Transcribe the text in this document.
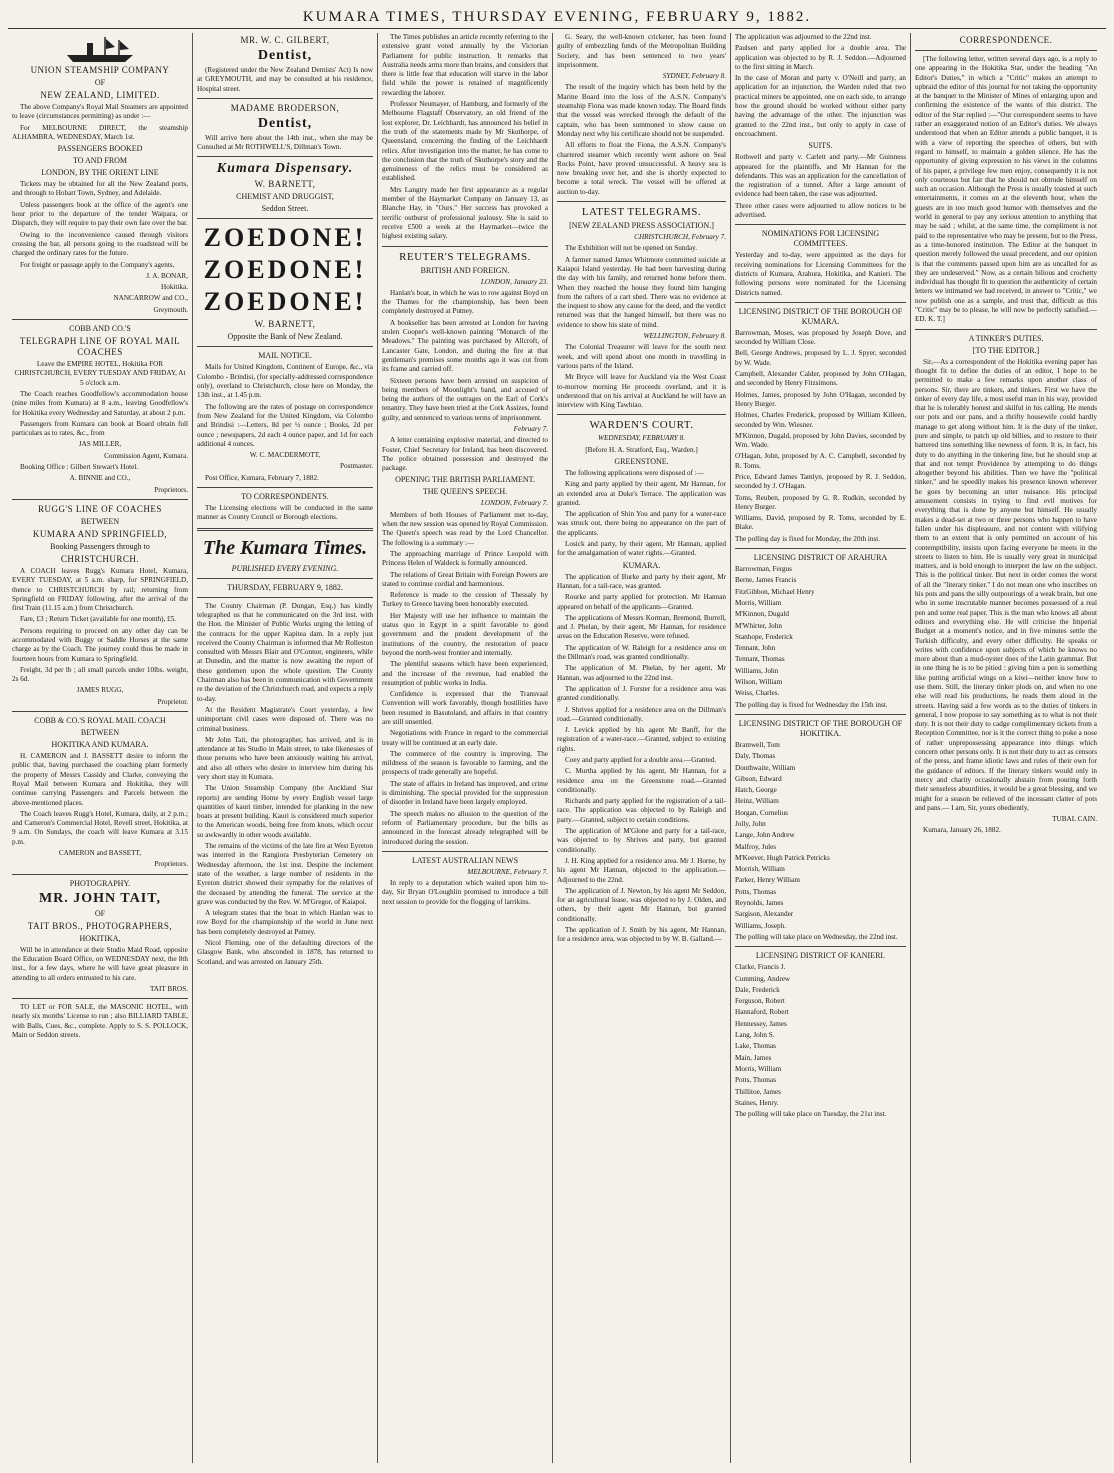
KUMARA TIMES, THURSDAY EVENING, FEBRUARY 9, 1882.
UNION STEAMSHIP COMPANY
OF
NEW ZEALAND, LIMITED.

The above Company's Royal Mail Steamers are appointed to leave (circumstances permitting) as under :—

For MELBOURNE DIRECT, the steamship ALHAMBRA, WEDNESDAY, March 1st.

PASSENGERS BOOKED
TO AND FROM
LONDON, BY THE ORIENT LINE

Tickets may be obtained for all the New Zealand ports, and through to Hobart Town, Sydney, and Adelaide.

Unless passengers book at the office of the agent's one hour prior to the departure of the tender Waipara, or Dispatch, they will require to pay their own fare over the bar.

Owing to the inconvenience caused through visitors crossing the bar, all persons going to the roadstead will be charged the ordinary rates for the future.

For freight or passage apply to the Company's agents,

J. A. BONAR,

Hokitika.

NANCARROW and CO.,

Greymouth.

COBB AND CO.'S
TELEGRAPH LINE OF ROYAL MAIL COACHES

Leave the EMPIRE HOTEL, Hokitika FOR CHRISTCHURCH, EVERY TUESDAY AND FRIDAY, At 5 o'clock a.m.

The Coach reaches Goodfellow's accommodation house (nine miles from Kumara) at 8 a.m., leaving Goodfellow's for Hokitika every Wednesday and Saturday, at about 2 p.m.

Passengers from Kumara can book at Board obtain full particulars as to rates, &c., from

JAS MILLER,

Commission Agent, Kumara.

Booking Office : Gilbert Stewart's Hotel.

A. BINNIE and CO.,

Proprietors.

RUGG'S LINE OF COACHES
BETWEEN
KUMARA AND SPRINGFIELD,
Booking Passengers through to
CHRISTCHURCH.

A COACH leaves Rugg's Kumara Hotel, Kumara, EVERY TUESDAY, at 5 a.m. sharp, for SPRINGFIELD, thence to CHRISTCHURCH by rail; returning from Springfield on FRIDAY following, after the arrival of the first Train (11.15 a.m.) from Christchurch.

Fare, £3 ; Return Ticket (available for one month), £5.

Persons requiring to proceed on any other day can be accommodated with Buggy or Saddle Horses at the same charge as by the Coach. The journey could thus be made in fourteen hours from Kumara to Springfield.

Freight, 3d per lb ; all small parcels under 10lbs. weight, 2s 6d.

JAMES RUGG,

Proprietor.

COBB & CO.'S ROYAL MAIL COACH
BETWEEN
HOKITIKA AND KUMARA.

H. CAMERON and J. BASSETT desire to inform the public that, having purchased the coaching plant formerly the property of Messrs Cassidy and Clarke, conveying the Royal Mail between Kumara and Hokitika, they will continue carrying Passengers and Parcels between the above-mentioned places.

The Coach leaves Rugg's Hotel, Kumara, daily, at 2 p.m.; and Cameron's Commercial Hotel, Revell street, Hokitika, at 9 a.m. On Sundays, the coach will leave Kumara at 3.15 p.m.

CAMERON and BASSETT,

Proprietors.

PHOTOGRAPHY.
MR. JOHN TAIT,
OF
TAIT BROS., PHOTOGRAPHERS,
HOKITIKA,

Will be in attendance at their Studio Maid Road, opposite the Education Board Office, on WEDNESDAY next, the 8th inst., for a few days, where he will have great pleasure in attending to all orders entrusted to his care.

TAIT BROS.

TO LET or FOR SALE, the MASONIC HOTEL, with nearly six months' License to run ; also BILLIARD TABLE, with Balls, Cues, &c., complete. Apply to S. S. POLLOCK, Main or Seddon streets.

MR. W. C. GILBERT,
Dentist,

(Registered under the New Zealand Dentists' Act) Is now at GREYMOUTH, and may be consulted at his residence, Hospital street.

MADAME BRODERSON,
Dentist,

Will arrive here about the 14th inst., when she may be Consulted at Mr ROTHWELL'S, Dillman's Town.

Kumara Dispensary.
W. BARNETT,
CHEMIST AND DRUGGIST,
Seddon Street.
ZOEDONE!
ZOEDONE!
ZOEDONE!
W. BARNETT,
Opposite the Bank of New Zealand.
MAIL NOTICE.

Mails for United Kingdom, Continent of Europe, &c., via Colombo - Brindisi, (for specially-addressed correspondence only), overland to Christchurch, close here on Monday, the 13th inst., at 1.45 p.m.

The following are the rates of postage on correspondence from New Zealand for the United Kingdom, via Colombo and Brindisi :—Letters, 8d per ½ ounce ; Books, 2d per ounce ; newspapers, 2d each 4 ounce paper, and 1d for each additional 4 ounces.

W. C. MACDERMOTT,

Postmaster.

Post Office, Kumara, February 7, 1882.

TO CORRESPONDENTS.

The Licensing elections will be conducted in the same manner as County Council or Borough elections.

The Kumara Times.
PUBLISHED EVERY EVENING.
THURSDAY, FEBRUARY 9, 1882.

The County Chairman (P. Dungan, Esq.) has kindly telegraphed us that he communicated on the 3rd inst. with the Hon. the Minister of Public Works urging the letting of the contracts for the upper Kapitea dam. In a reply just received the County Chairman is informed that Mr Rolleston consulted with Messrs Blair and O'Connor, engineers, while at Dunedin, and the matter is now awaiting the report of these gentlemen upon the whole question. The County Chairman also has been in communication with Government re the deviation of the Christchurch road, and expects a reply to-day.

At the Resident Magistrate's Court yesterday, a few unimportant civil cases were disposed of. There was no criminal business.

Mr John Tait, the photographer, has arrived, and is in attendance at his Studio in Main street, to take likenesses of those persons who have been anxiously waiting his arrival, and also all others who desire to interview him during his very short stay in Kumara.

The Union Steamship Company (the Auckland Star reports) are sending Home by every English vessel large quantities of kauri timber, intended for planking in the new boats at present building. Kauri is considered much superior to the American woods, being free from knots, which occur so awkwardly in other woods available.

The remains of the victims of the late fire at West Eyreton was interred in the Rangiora Presbyterian Cemetery on Wednesday afternoon, the 1st inst. Despite the inclement state of the weather, a large number of residents in the Eyreton district showed their sympathy for the relatives of the deceased by attending the funeral. The service at the grave was conducted by the Rev. W. M'Gregor, of Kaiapoi.

A telegram states that the boat in which Hanlan was to row Boyd for the championship of the world in June next has been completely destroyed at Putney.

Nicol Fleming, one of the defaulting directors of the Glasgow Bank, who absconded in 1878, has returned to Scotland, and was arrested on January 25th.

The Times publishes an article recently referring to the extensive grant voted annually by the Victorian Parliament for public instruction. It remarks that Australia needs arms more than brains, and considers that there is little fear that education will starve in the labor field while the power is retained of magnificently rewarding the laborer.

Professor Neumayer, of Hamburg, and formerly of the Melbourne Flagstaff Observatory, an old friend of the lost explorer, Dr. Leichhardt, has announced his belief in the truth of the statements made by Mr Skuthorpe, of Queensland, concerning the finding of the Leichhardt relics. After investigation into the matter, he has come to the conclusion that the truth of Skuthorpe's story and the genuineness of the relics must be considered as established.

Mrs Langtry made her first appearance as a regular member of the Haymarket Company on January 13, as Blanche Hay, in "Ours." Her success has provoked a terrific outburst of professional jealousy. She is said to receive £500 a week at the Haymarket—twice the highest existing salary.

REUTER'S TELEGRAMS.
BRITISH AND FOREIGN.

LONDON, January 23.

Hanlan's boat, in which he was to row against Boyd on the Thames for the championship, has been been completely destroyed at Putney.

A bookseller has been arrested at London for having stolen Cooper's well-known painting "Monarch of the Meadows." The painting was purchased by Allcroft, of Lancaster Gate, London, and during the fire at that gentleman's premises some months ago it was cut from its frame and carried off.

Sixteen persons have been arrested on suspicion of being members of Moonlight's band, and accused of being the authors of the outrages on the Earl of Cork's tenantry. They have been tried at the Cork Assizes, found guilty, and sentenced to various terms of imprisonment.

February 7.

A letter containing explosive material, and directed to Foster, Chief Secretary for Ireland, has been discovered. The police obtained possession and destroyed the package.

OPENING THE BRITISH PARLIAMENT.
THE QUEEN'S SPEECH.

LONDON, February 7.

Members of both Houses of Parliament met to-day, when the new session was opened by Royal Commission. The Queen's speech was read by the Lord Chancellor. The following is a summary :—

The approaching marriage of Prince Leopold with Princess Helen of Waldeck is formally announced.

The relations of Great Britain with Foreign Powers are stated to continue cordial and harmonious.

Reference is made to the cession of Thessaly by Turkey to Greece having been honorably executed.

Her Majesty will use her influence to maintain the status quo in Egypt in a spirit favorable to good government and the prudent development of the institutions of the country, the restoration of peace beyond the north-west frontier and internally.

The plentiful seasons which have been experienced, and the increase of the revenue, had enabled the resumption of public works in India.

Confidence is expressed that the Transvaal Convention will work favorably, though hostilities have been resumed in Basutoland, and affairs in that country are still unsettled.

Negotiations with France in regard to the commercial treaty will be continued at an early date.

The commerce of the country is improving. The mildness of the season is favorable to farming, and the prospects of trade generally are hopeful.

The state of affairs in Ireland has improved, and crime is diminishing. The special provided for the suppression of disorder in Ireland have been largely employed.

The speech makes no allusion to the question of the reform of Parliamentary procedure, but the bills as announced in the forecast already telegraphed will be introduced during the session.

LATEST AUSTRALIAN NEWS

MELBOURNE, February 7.

In reply to a deputation which waited upon him to-day, Sir Bryan O'Loughlin promised to introduce a bill next session to provide for the flogging of larrikins.

G. Seary, the well-known cricketer, has been found guilty of embezzling funds of the Metropolitan Building Society, and has been sentenced to two years' imprisonment.

SYDNEY, February 8.

The result of the inquiry which has been held by the Marine Board into the loss of the A.S.N. Company's steamship Fiona was made known today. The Board finds that the vessel was wrecked through the default of the captain, who has been summoned to show cause on Monday next why his certificate should not be suspended.

All efforts to float the Fiona, the A.S.N. Company's chartered steamer which recently went ashore on Seal Rocks Point, have proved unsuccessful. A heavy sea is now breaking over her, and she is shortly expected to become a total wreck. The vessel will be offered at auction to-day.

LATEST TELEGRAMS.
[NEW ZEALAND PRESS ASSOCIATION.]

CHRISTCHURCH, February 7.

The Exhibition will not be opened on Sunday.

A farmer named James Whitmore committed suicide at Kaiapoi Island yesterday. He had been harvesting during the day with his family, and returned home before them. When they reached the house they found him hanging from the rafters of a cart shed. There was no evidence at the inquest to show any cause for the deed, and the verdict returned was that the hanged himself, but there was no evidence to show his state of mind.

WELLINGTON, February 8.

The Colonial Treasurer will leave for the south next week, and will spend about one month in travelling in various parts of the Island.

Mr Bryce will leave for Auckland via the West Coast to-morrow morning He proceeds overland, and it is understood that on his arrival at Auckland he will have an interview with King Tawhiao.

WARDEN'S COURT.

WEDNESDAY, FEBRUARY 8.

[Before H. A. Stratford, Esq., Warden.]

GREENSTONE.

The following applications were disposed of :—

King and party applied by their agent, Mr Hannan, for an extended area at Duke's Terrace. The application was granted.

The application of Shin You and party for a water-race was struck out, there being no appearance on the part of the applicants.

Losick and party, by their agent, Mr Hannan, applied for the amalgamation of water rights.—Granted.

KUMARA.

The application of Burke and party by their agent, Mr Hannan, for a tail-race, was granted.

Rourke and party applied for protection. Mr Hannan appeared on behalf of the applicants—Granted.

The applications of Messrs Korman, Bremond, Burrell, and J. Phelan, by their agent, Mr Hannan, for residence areas on the Education Reserve, were refused.

The application of W. Raleigh for a residence area on the Dillman's road, was granted conditionally.

The application of M. Phelan, by her agent, Mr Hannan, was adjourned to the 22nd inst.

The application of J. Forster for a residence area was granted conditionally.

J. Shrives applied for a residence area on the Dillman's road.—Granted conditionally.

J. Levick applied by his agent Mr Banff, for the registration of a water-race.—Granted, subject to existing rights.

Coey and party applied for a double area.—Granted.

C. Murtha applied by his agent, Mr Hannan, for a residence area on the Greenstone road.—Granted conditionally.

Richards and party applied for the registration of a tail-race. The application was objected to by Raleigh and party.—Granted, subject to certain conditions.

The application of M'Glone and party for a tail-race, was objected to by Shrives and party, but granted conditionally.

J. H. King applied for a residence area. Mr J. Horne, by his agent Mr Hannan, objected to the application.—Adjourned to the 22nd.

The application of J. Newton, by his agent Mr Seddon, for an agricultural lease, was objected to by J. Olden, and others, by their agent Mr Hannan, but granted conditionally.

The application of J. Smith by his agent, Mr Hannan, for a residence area, was objected to by W. B. Galland.—

The application was adjourned to the 22nd inst.

Paulsen and party applied for a double area. The application was objected to by R. J. Seddon.—Adjourned to the first sitting in March.

In the case of Moran and party v. O'Neill and party, an application for an injunction, the Warden ruled that two practical miners be appointed, one on each side, to arrange how the ground should be worked without either party having the advantage of the other. The injunction was granted to the 22nd inst., but only to apply in case of encroachment.

SUITS.

Rothwell and party v. Carlett and party.—Mr Guinness appeared for the plaintiffs, and Mr Hannan for the defendants. This was an application for the cancellation of the registration of a tunnel. After a large amount of evidence had been taken, the case was adjourned.

Three other cases were adjourned to allow notices to be advertised.

NOMINATIONS FOR LICENSING COMMITTEES.

Yesterday and to-day, were appointed as the days for receiving nominations for Licensing Committees for the districts of Kumara, Arahura, Hokitika, and Kanieri. The following persons were nominated for the Licensing Districts named.

LICENSING DISTRICT OF THE BOROUGH OF KUMARA.

Barrowman, Moses, was proposed by Joseph Dove, and seconded by William Close.

Bell, George Andrews, proposed by L. J. Spyer, seconded by W. Wade.

Campbell, Alexander Calder, proposed by John O'Hagan, and seconded by Henry Fitzsimons.

Holmes, James, proposed by John O'Hagan, seconded by Henry Burger.

Holmes, Charles Frederick, proposed by William Killeen, seconded by Wm. Wiesner.

M'Kinnon, Dugald, proposed by John Davies, seconded by Wm. Wade.

O'Hagan, John, proposed by A. C. Campbell, seconded by R. Toms.

Price, Edward James Tamlyn, proposed by R. J. Seddon, seconded by J. O'Hagan.

Toms, Reuben, proposed by G. R. Rudkin, seconded by Henry Burger.

Williams, David, proposed by R. Toms, seconded by E. Blake.

The polling day is fixed for Monday, the 20th inst.

LICENSING DISTRICT OF ARAHURA

Barrowman, Fergus

Berne, James Francis

FitzGibbon, Michael Henry

Morris, William

M'Kinnon, Dugald

M'Whirter, John

Stanhope, Frederick

Tennant, John

Tennant, Thomas

Williams, John

Wilson, William

Weiss, Charles.

The polling day is fixed for Wednesday the 15th inst.

LICENSING DISTRICT OF THE BOROUGH OF HOKITIKA.

Bramwell, Tom

Daly, Thomas

Douthwaite, William

Gibson, Edward

Hatch, George

Heinz, William

Horgan, Cornelius

Jolly, John

Lange, John Andrew

Malfroy, Jules

M'Keever, Hugh Patrick Petricks

Morrish, William

Parker, Henry William

Potts, Thomas

Reynolds, James

Sargison, Alexander

Williams, Joseph.

The polling will take place on Wednesday, the 22nd inst.

LICENSING DISTRICT OF KANIERI.

Clarke, Francis J.

Cumming, Andrew

Dale, Frederick

Ferguson, Robert

Hannaford, Robert

Hennessey, James

Lang, John S.

Lake, Thomas

Main, James

Morris, William

Potts, Thomas

Thillitoe, James

Staines, Henry.

The polling will take place on Tuesday, the 21st inst.

CORRESPONDENCE.

[The following letter, written several days ago, is a reply to one appearing in the Hokitika Star, under the heading "An Editor's Duties," in which a "Critic" makes an attempt to upbraid the editor of this journal for not taking the opportunity at the banquet to the Minister of Mines of enlarging upon and confirming the existence of the wants of this district. The editor of the Star replied :—"Our correspondent seems to have rather an exaggerated notion of an Editor's duties. We always understood that when an Editor attends a public banquet, it is with a view of reporting the speeches of others, but with regard to himself, to maintain a golden silence. He has the opportunity of giving expression to his views in the columns of his paper, a privilege few men enjoy, consequently it is not only courteous but fair that he should not obtrude himself on such an occasion. Although the Press is usually toasted at such entertainments, it comes on at the eleventh hour, when the guests are in too much good humor with themselves and the world in general to pay any serious attention to anything that may be said ; whilst, at the same time, the compliment is not paid to the representative who may be present, but to the Press, as a time-honored institution. The Editor at the banquet in question merely followed the usual precedent, and our opinion is that the comments passed upon him are as uncalled for as they are undeserved." Now, as a certain bilious and crochetty individual has thought fit to question the authenticity of certain letters we intimated we had received, in answer to "Critic," we now publish one as a sample, and trust that, difficult as this "Critic" may be to please, he will now be perfectly satisfied.—ED. K. T.]

A TINKER'S DUTIES.
[TO THE EDITOR.]

Sir,—As a correspondent of the Hokitika evening paper has thought fit to define the duties of an editor, I hope to be permitted to make a few remarks upon another class of persons. Sir, there are tinkers, and tinkers. First we have the tinker of every day life, a most useful man in his way, provided that he is tolerably honest and skilful in his calling. He mends our pots and our pans, and a thrifty housewife could hardly manage to get along without him. It is the duty of the tinker, pure and simple, to patch up old billies, and to restore to their battered tins something like newness of form. It is, in fact, his duty to do anything in the tinkering line, but he should stop at that and not tempt Providence by attempting to do things altogether beyond his abilities. Then we have the "political tinker," and he speedily makes his presence known wherever he goes by becoming an utter nuisance. His principal amusement consists in trying to find evil motives for everything that is done by anyone but himself. He usually makes a dead-set at two or three persons who happen to have fallen under his displeasure, and not content with vilifying them to an extent that is only permitted on account of his contemptibility, insists upon facing everyone he meets in the streets to listen to him. He is usually very great in municipal matters, and is bold enough to interpret the law on the subject. This is the political tinker. But next in order comes the worst of all the "literary tinker." I do not mean one who inscribes on his pots and pans the silly outpourings of a weak brain, but one who in some inscrutable manner becomes possessed of a real pen and some real paper. This is the man who knows all about editors and everything else. He will criticise the Imperial Budget at a moment's notice, and in five minutes settle the Turkish difficulty, and every other difficulty. He speaks or writes with confidence upon subjects of which he knows no more about than a mud-oyster does of the Latin grammar. But in one thing he is to be pitied : giving him a pen is something like putting artificial wings on a kiwi—neither know how to use them. Still, the literary tinker plods on, and when no one else will read his productions, he reads them aloud in the streets. Having said a few words as to the duties of tinkers in general, I now propose to say something as to what is not their duty. It is not their duty to cadge complimentary tickets from a Reception Committee, nor is it the correct thing to poke a nose of rather unprepossessing appearance into things which concern other persons only. It is not their duty to act as censors of the press, and frame idiotic laws and rules of their own for the guidance of editors. If the literary tinkers would only in mercy and charity occasionally abstain from pouring forth their senseless absurdities, it would be a great blessing, and we might for a season be relieved of the incessant clatter of pots and pans.— I am, Sir, yours obediently,

TUBAL CAIN.

Kumara, January 26, 1882.
